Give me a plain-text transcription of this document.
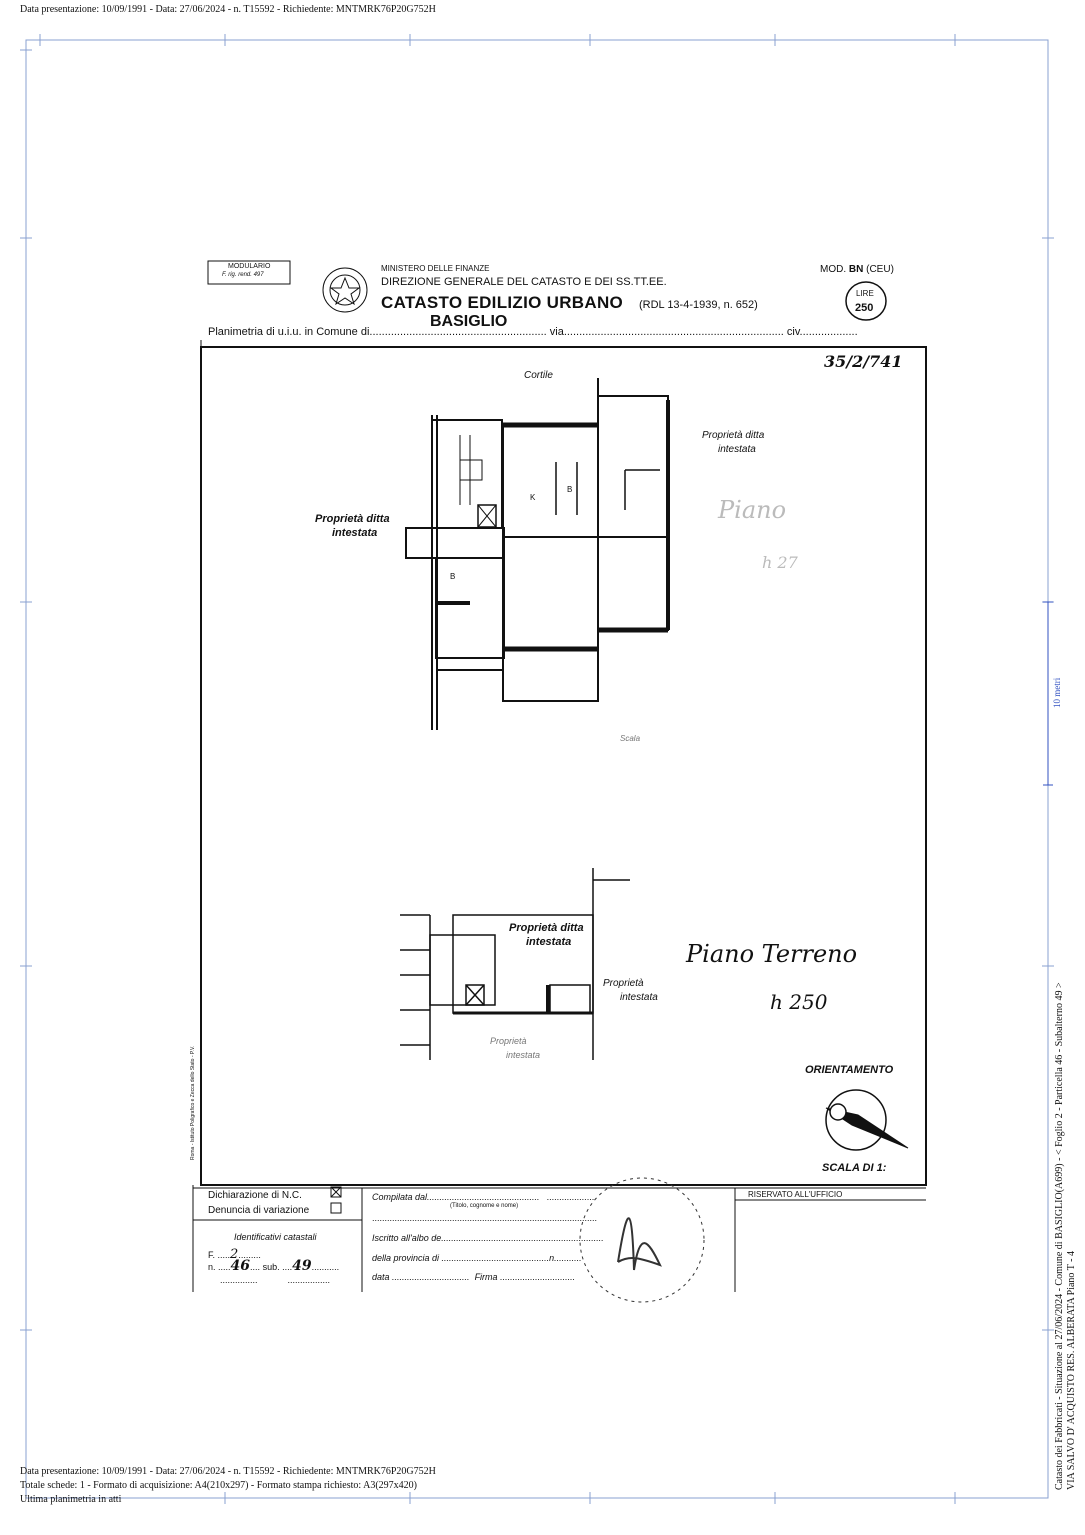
Data presentazione: 10/09/1991 - Data: 27/06/2024 - n. T15592 - Richiedente: MNTMRK76P20G752H
MODULARIO
F. rig. rend. 497
MINISTERO DELLE FINANZE
DIREZIONE GENERALE DEL CATASTO E DEI SS.TT.EE.
CATASTO EDILIZIO URBANO (RDL 13-4-1939, n. 652)
MOD. BN (CEU)
LIRE
250
BASIGLIO
Planimetria di u.i.u. in Comune di.......................................................... via........................................................................ civ...................
35/2/741
Cortile
Proprietà ditta
intestata
Proprietà ditta
intestata
K
B
B
Piano
h 27
Scala
Proprietà ditta
intestata
Proprietà
intestata
Proprietà
intestata
Piano Terreno
h 250
ORIENTAMENTO
SCALA DI 1:
Roma - Istituto Poligrafico e Zecca dello Stato - P.V.
Dichiarazione di N.C.
Denuncia di variazione
Identificativi catastali
F. .....2.........
n. .....46.... sub. ....49...........
...............            .................
Compilata dal.............................................   ...................
(Titolo, cognome e nome)
..........................................................................................
Iscritto all'albo de.................................................................
della provincia di ...........................................n...........
data ...............................  Firma ..............................
RISERVATO ALL'UFFICIO
Data presentazione: 10/09/1991 - Data: 27/06/2024 - n. T15592 - Richiedente: MNTMRK76P20G752H
Totale schede: 1 - Formato di acquisizione: A4(210x297) - Formato stampa richiesto: A3(297x420)
Ultima planimetria in atti
Catasto dei Fabbricati - Situazione al 27/06/2024 - Comune di BASIGLIO(A699) - < Foglio 2 - Particella 46 - Subalterno 49 > VIA SALVO D' ACQUISTO RES. ALBERATA Piano T - 4
10 metri
